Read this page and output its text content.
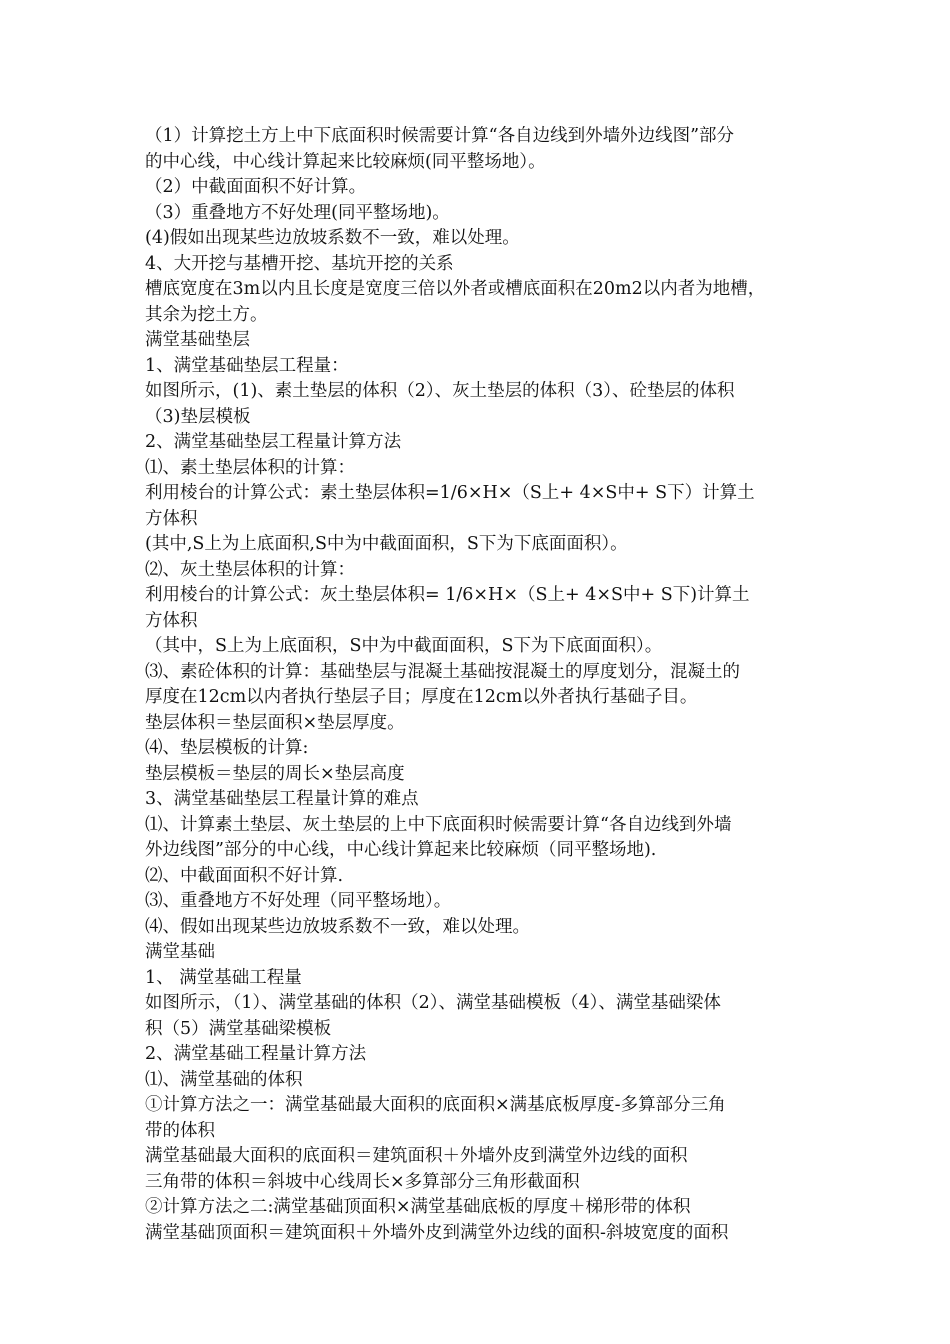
（1）计算挖土方上中下底面积时候需要计算“各自边线到外墙外边线图”部分
的中心线，中心线计算起来比较麻烦(同平整场地）。
（2）中截面面积不好计算。
（3）重叠地方不好处理(同平整场地)。
(4)假如出现某些边放坡系数不一致，难以处理。
4、大开挖与基槽开挖、基坑开挖的关系
槽底宽度在3m以内且长度是宽度三倍以外者或槽底面积在20m2以内者为地槽，
其余为挖土方。
满堂基础垫层
1、满堂基础垫层工程量：
如图所示，(1)、素土垫层的体积（2）、灰土垫层的体积（3）、砼垫层的体积
（3)垫层模板
2、满堂基础垫层工程量计算方法
⑴、素土垫层体积的计算：
利用棱台的计算公式：素土垫层体积=1/6×H×（S上+ 4×S中+ S下）计算土
方体积
(其中,S上为上底面积,S中为中截面面积，S下为下底面面积）。
⑵、灰土垫层体积的计算：
利用棱台的计算公式：灰土垫层体积= 1/6×H×（S上+ 4×S中+ S下)计算土
方体积
（其中，S上为上底面积，S中为中截面面积，S下为下底面面积）。
⑶、素砼体积的计算：基础垫层与混凝土基础按混凝土的厚度划分，混凝土的
厚度在12cm以内者执行垫层子目；厚度在12cm以外者执行基础子目。
垫层体积＝垫层面积×垫层厚度。
⑷、垫层模板的计算:
垫层模板＝垫层的周长×垫层高度
3、满堂基础垫层工程量计算的难点
⑴、计算素土垫层、灰土垫层的上中下底面积时候需要计算“各自边线到外墙
外边线图”部分的中心线，中心线计算起来比较麻烦（同平整场地).
⑵、中截面面积不好计算.
⑶、重叠地方不好处理（同平整场地）。
⑷、假如出现某些边放坡系数不一致，难以处理。
满堂基础
1、 满堂基础工程量
如图所示，（1）、满堂基础的体积（2）、满堂基础模板（4）、满堂基础梁体
积（5）满堂基础梁模板
2、满堂基础工程量计算方法
⑴、满堂基础的体积
①计算方法之一：满堂基础最大面积的底面积×满基底板厚度-多算部分三角
带的体积
满堂基础最大面积的底面积＝建筑面积＋外墙外皮到满堂外边线的面积
三角带的体积＝斜坡中心线周长×多算部分三角形截面积
②计算方法之二:满堂基础顶面积×满堂基础底板的厚度＋梯形带的体积
满堂基础顶面积＝建筑面积＋外墙外皮到满堂外边线的面积-斜坡宽度的面积
